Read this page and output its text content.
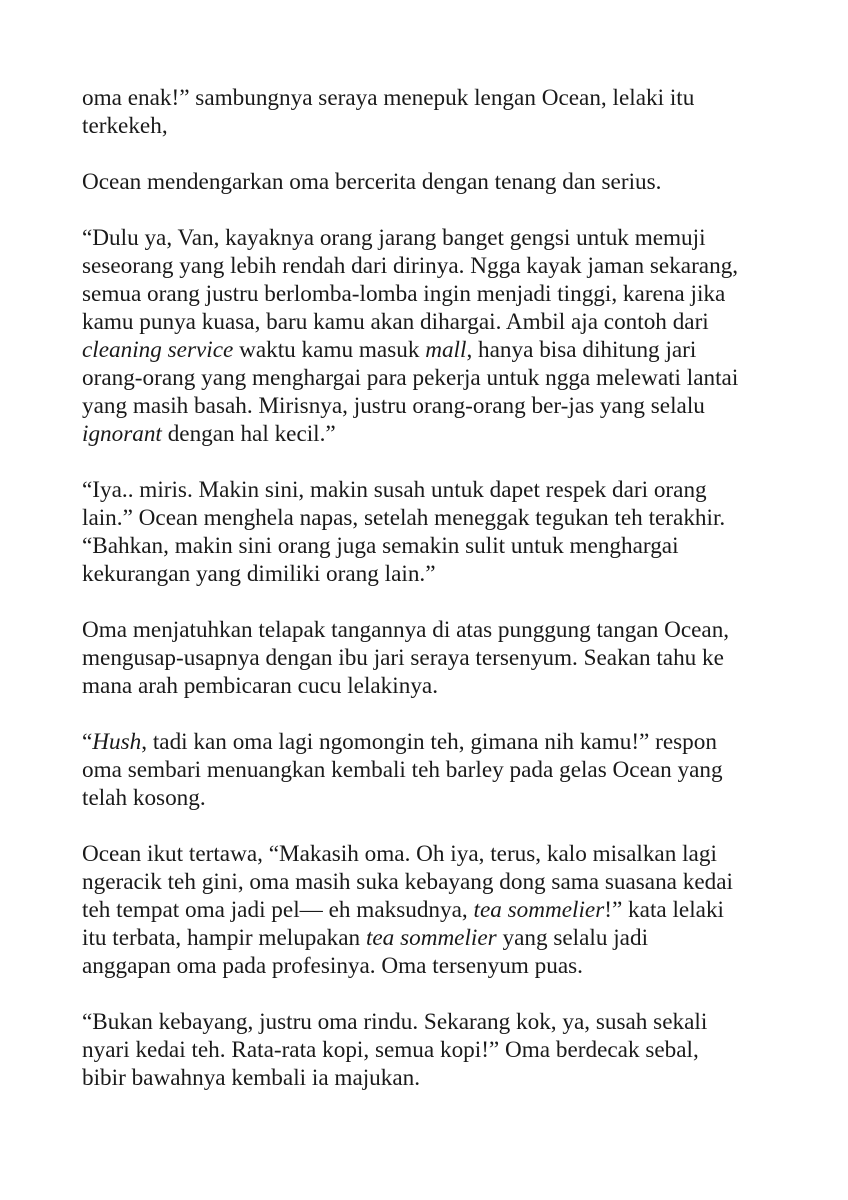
oma enak!” sambungnya seraya menepuk lengan Ocean, lelaki itu
terkekeh,
Ocean mendengarkan oma bercerita dengan tenang dan serius.
“Dulu ya, Van, kayaknya orang jarang banget gengsi untuk memuji
seseorang yang lebih rendah dari dirinya. Ngga kayak jaman sekarang,
semua orang justru berlomba-lomba ingin menjadi tinggi, karena jika
kamu punya kuasa, baru kamu akan dihargai. Ambil aja contoh dari
cleaning service waktu kamu masuk mall, hanya bisa dihitung jari
orang-orang yang menghargai para pekerja untuk ngga melewati lantai
yang masih basah. Mirisnya, justru orang-orang ber-jas yang selalu
ignorant dengan hal kecil.”
“Iya.. miris. Makin sini, makin susah untuk dapet respek dari orang
lain.” Ocean menghela napas, setelah meneggak tegukan teh terakhir.
“Bahkan, makin sini orang juga semakin sulit untuk menghargai
kekurangan yang dimiliki orang lain.”
Oma menjatuhkan telapak tangannya di atas punggung tangan Ocean,
mengusap-usapnya dengan ibu jari seraya tersenyum. Seakan tahu ke
mana arah pembicaran cucu lelakinya.
“Hush, tadi kan oma lagi ngomongin teh, gimana nih kamu!” respon
oma sembari menuangkan kembali teh barley pada gelas Ocean yang
telah kosong.
Ocean ikut tertawa, “Makasih oma. Oh iya, terus, kalo misalkan lagi
ngeracik teh gini, oma masih suka kebayang dong sama suasana kedai
teh tempat oma jadi pel— eh maksudnya, tea sommelier!” kata lelaki
itu terbata, hampir melupakan tea sommelier yang selalu jadi
anggapan oma pada profesinya. Oma tersenyum puas.
“Bukan kebayang, justru oma rindu. Sekarang kok, ya, susah sekali
nyari kedai teh. Rata-rata kopi, semua kopi!” Oma berdecak sebal,
bibir bawahnya kembali ia majukan.
